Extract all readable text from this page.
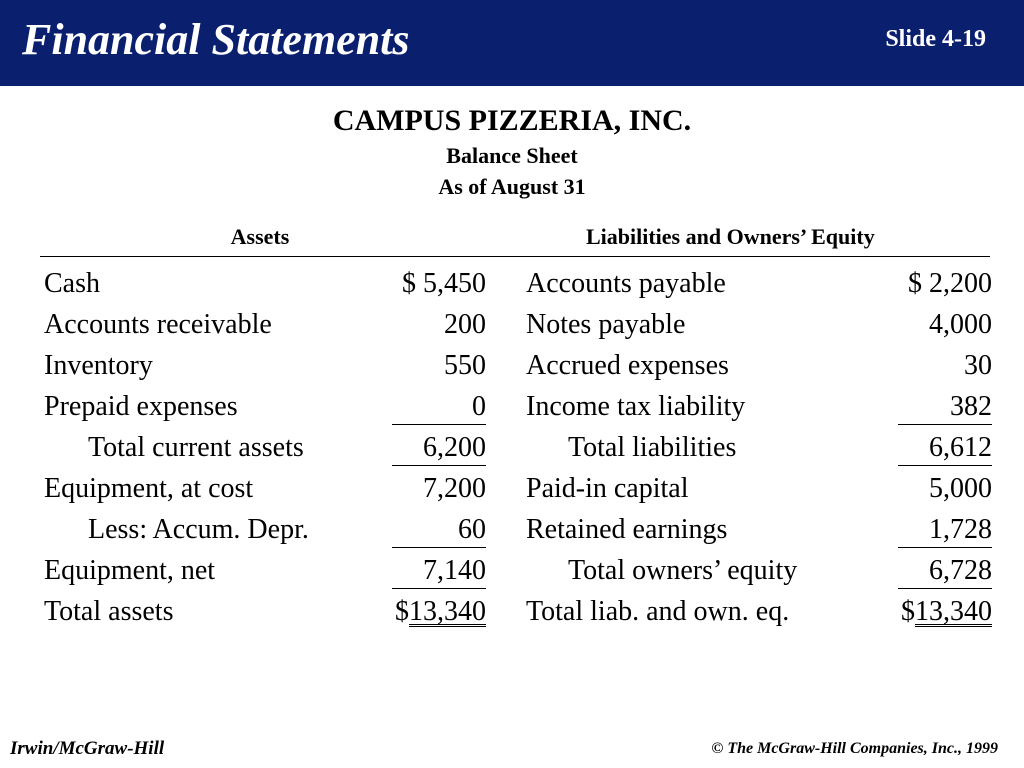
Financial Statements	Slide 4-19
CAMPUS PIZZERIA, INC.
Balance Sheet
As of August 31
Assets	Liabilities and Owners’ Equity
Cash	$ 5,450 Accounts payable	$ 2,200
Accounts receivable	200 Notes payable	4,000
Inventory	550 Accrued expenses	30
Prepaid expenses	0 Income tax liability	382
Total current assets	6,200	Total liabilities	6,612
Equipment, at cost	7,200 Paid-in capital	5,000
Less: Accum. Depr.	60 Retained earnings	1,728
Equipment, net	7,140	Total owners’ equity	6,728
Total assets	$13,340 Total liab. and own. eq.	$13,340
Irwin/McGraw-Hill	© The McGraw-Hill Companies, Inc., 1999
